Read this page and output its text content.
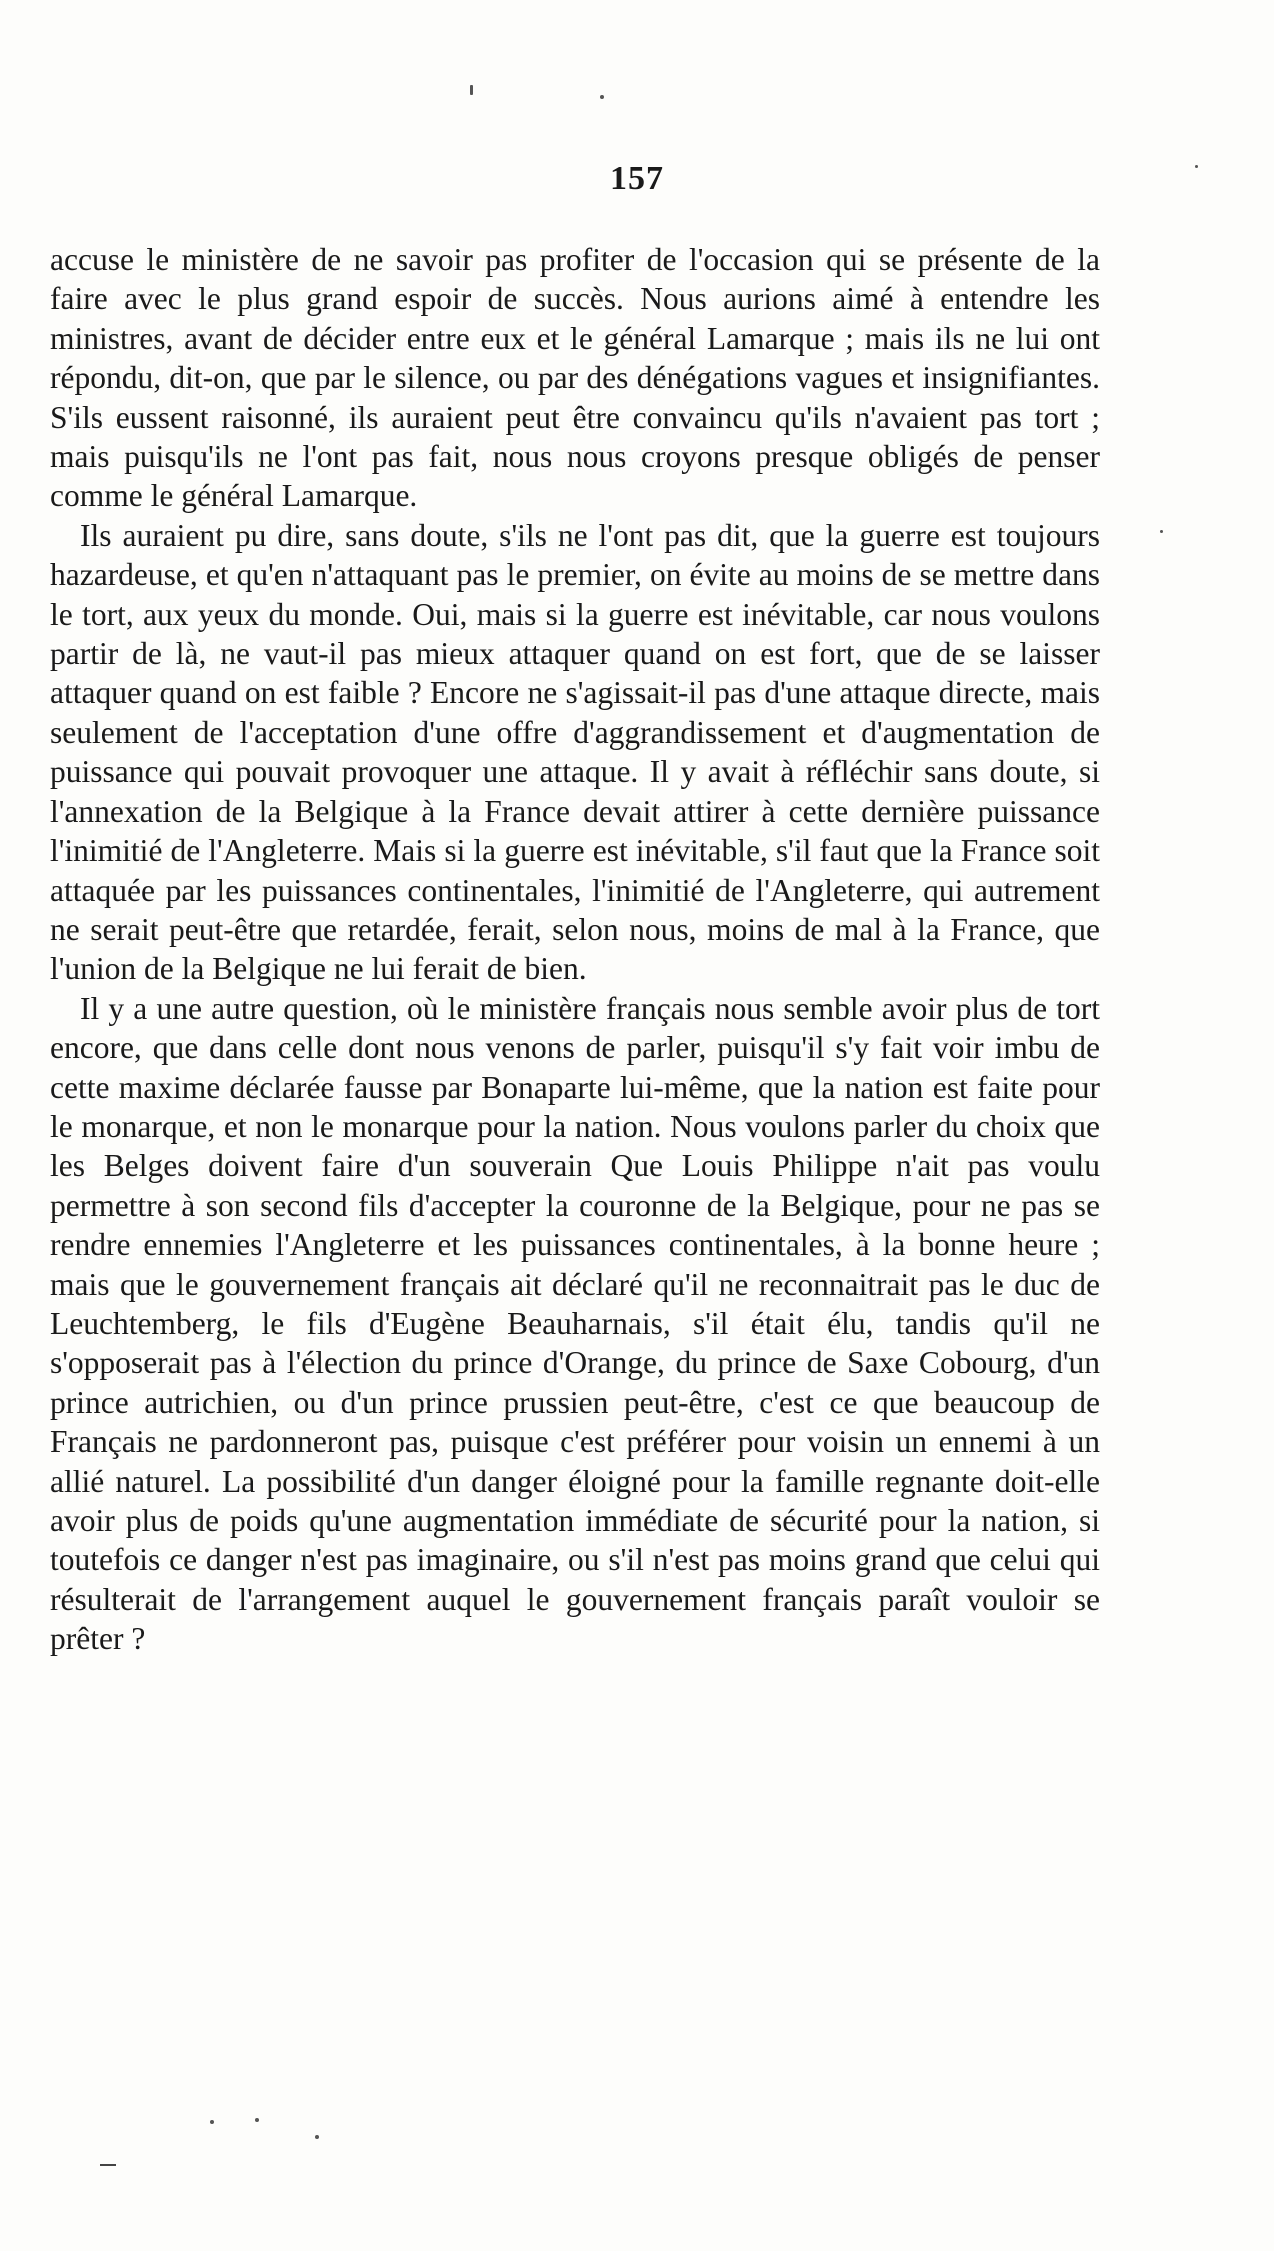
157

accuse le ministère de ne savoir pas profiter de l'occasion qui se présente de la faire avec le plus grand espoir de succès. Nous aurions aimé à entendre les ministres, avant de décider entre eux et le général Lamarque ; mais ils ne lui ont répondu, dit-on, que par le silence, ou par des dénégations vagues et insignifiantes. S'ils eussent raisonné, ils auraient peut être convaincu qu'ils n'avaient pas tort ; mais puisqu'ils ne l'ont pas fait, nous nous croyons presque obligés de penser comme le général Lamarque.

Ils auraient pu dire, sans doute, s'ils ne l'ont pas dit, que la guerre est toujours hazardeuse, et qu'en n'attaquant pas le premier, on évite au moins de se mettre dans le tort, aux yeux du monde. Oui, mais si la guerre est inévitable, car nous voulons partir de là, ne vaut-il pas mieux attaquer quand on est fort, que de se laisser attaquer quand on est faible ? Encore ne s'agissait-il pas d'une attaque directe, mais seulement de l'acceptation d'une offre d'aggrandissement et d'augmentation de puissance qui pouvait provoquer une attaque. Il y avait à réfléchir sans doute, si l'annexation de la Belgique à la France devait attirer à cette dernière puissance l'inimitié de l'Angleterre. Mais si la guerre est inévitable, s'il faut que la France soit attaquée par les puissances continentales, l'inimitié de l'Angleterre, qui autrement ne serait peut-être que retardée, ferait, selon nous, moins de mal à la France, que l'union de la Belgique ne lui ferait de bien.

Il y a une autre question, où le ministère français nous semble avoir plus de tort encore, que dans celle dont nous venons de parler, puisqu'il s'y fait voir imbu de cette maxime déclarée fausse par Bonaparte lui-même, que la nation est faite pour le monarque, et non le monarque pour la nation. Nous voulons parler du choix que les Belges doivent faire d'un souverain Que Louis Philippe n'ait pas voulu permettre à son second fils d'accepter la couronne de la Belgique, pour ne pas se rendre ennemies l'Angleterre et les puissances continentales, à la bonne heure ; mais que le gouvernement français ait déclaré qu'il ne reconnaitrait pas le duc de Leuchtemberg, le fils d'Eugène Beauharnais, s'il était élu, tandis qu'il ne s'opposerait pas à l'élection du prince d'Orange, du prince de Saxe Cobourg, d'un prince autrichien, ou d'un prince prussien peut-être, c'est ce que beaucoup de Français ne pardonneront pas, puisque c'est préférer pour voisin un ennemi à un allié naturel. La possibilité d'un danger éloigné pour la famille regnante doit-elle avoir plus de poids qu'une augmentation immédiate de sécurité pour la nation, si toutefois ce danger n'est pas imaginaire, ou s'il n'est pas moins grand que celui qui résulterait de l'arrangement auquel le gouvernement français paraît vouloir se prêter ?
